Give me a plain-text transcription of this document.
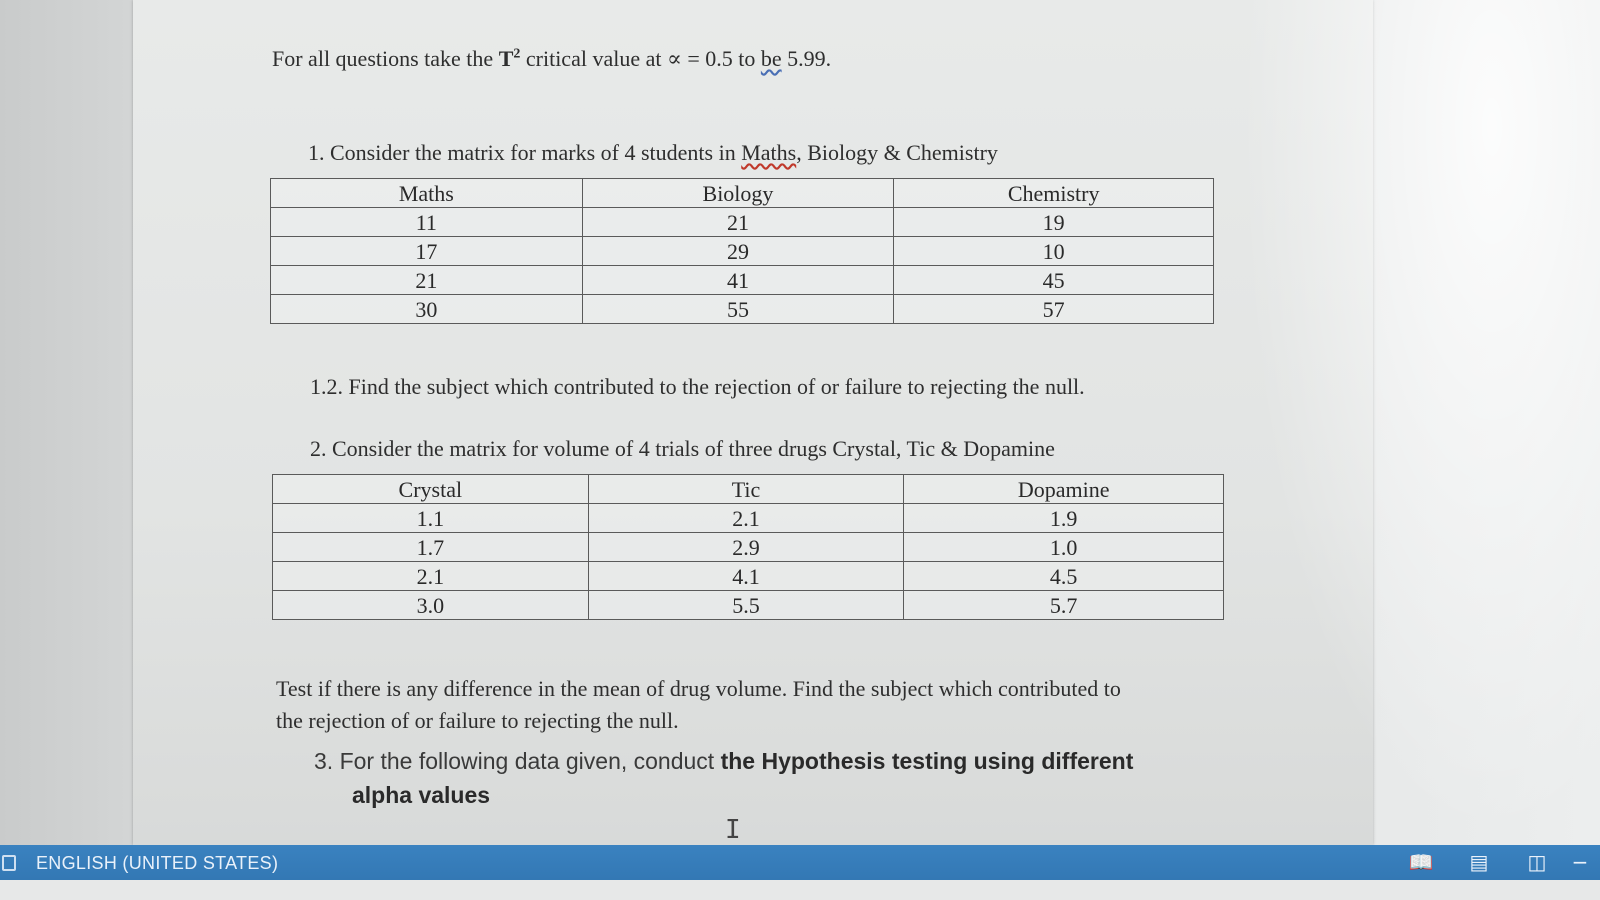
For all questions take the $T^2$ critical value at ∝ = 0.5 to be 5.99.
1. Consider the matrix for marks of 4 students in Maths, Biology & Chemistry
Maths	Biology	Chemistry
11	21	19
17	29	10
21	41	45
30	55	57
1.2. Find the subject which contributed to the rejection of or failure to rejecting the null.
2. Consider the matrix for volume of 4 trials of three drugs Crystal, Tic & Dopamine
Crystal	Tic	Dopamine
1.1	2.1	1.9
1.7	2.9	1.0
2.1	4.1	4.5
3.0	5.5	5.7
Test if there is any difference in the mean of drug volume. Find the subject which contributed to
the rejection of or failure to rejecting the null.
3. For the following data given, conduct the Hypothesis testing using different
alpha values
I
ENGLISH (UNITED STATES)	📖 ▤ ◫ −
